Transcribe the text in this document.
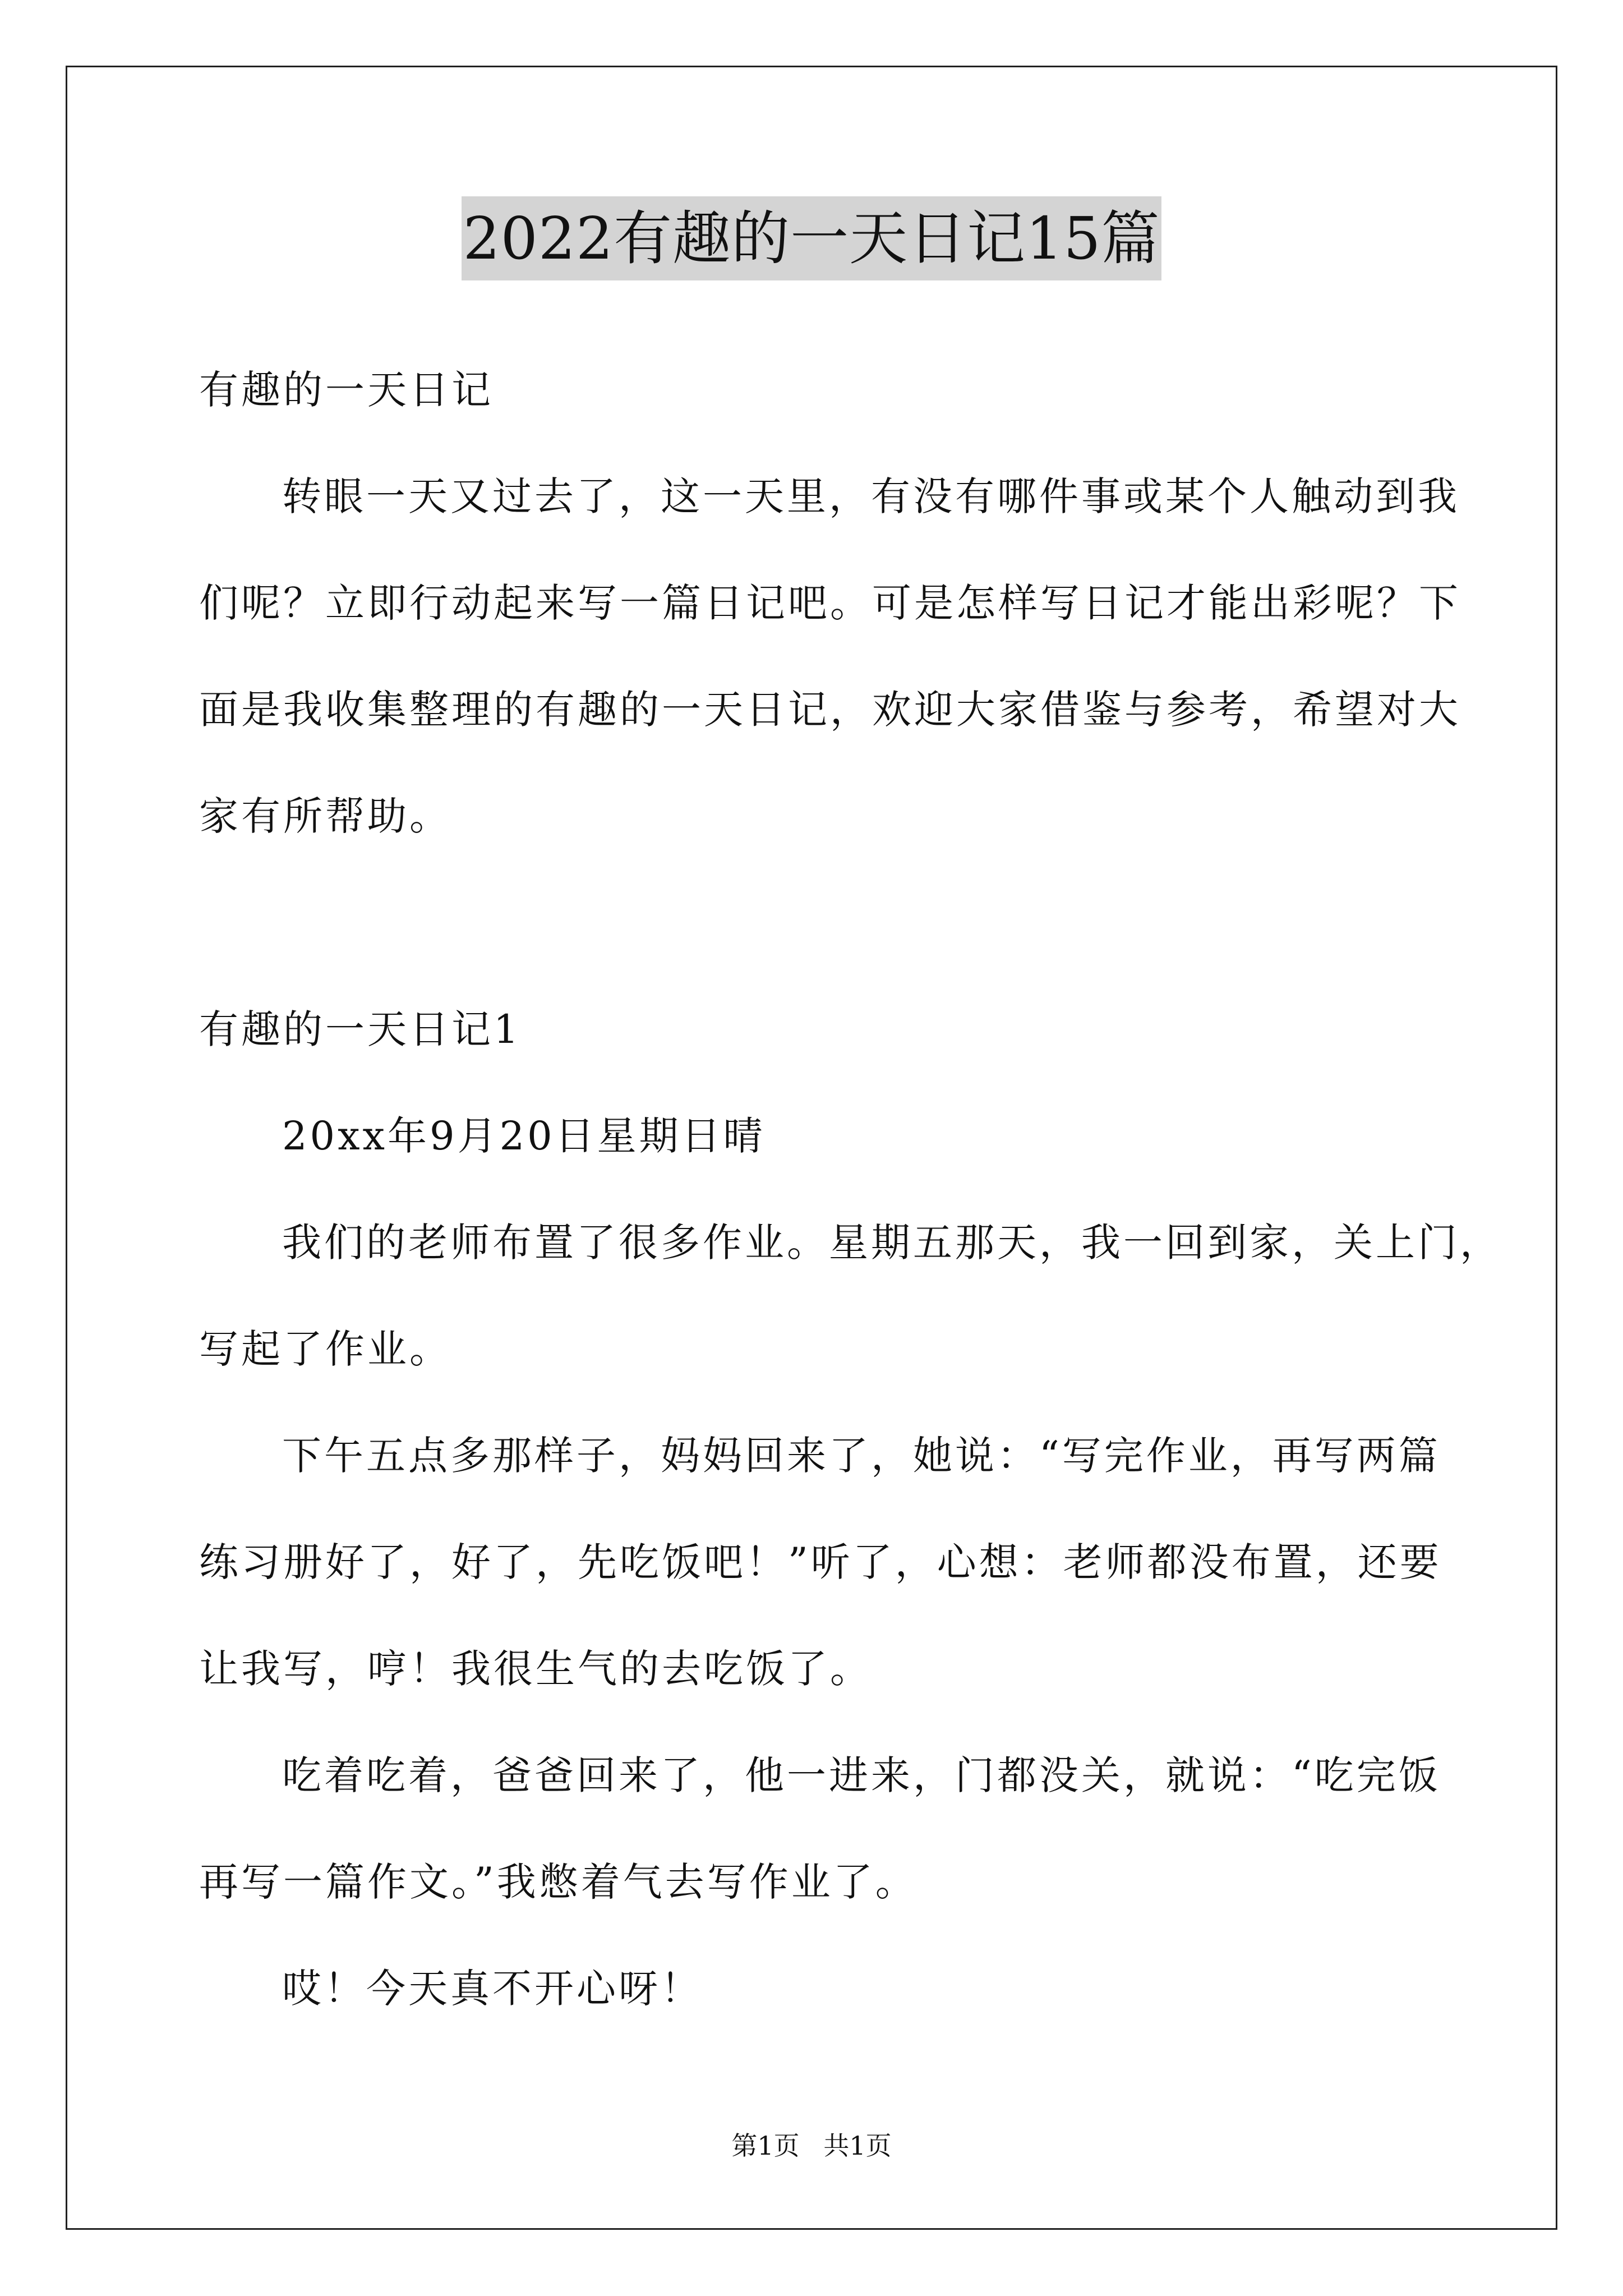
2022有趣的一天日记15篇
有趣的一天日记
转眼一天又过去了，这一天里，有没有哪件事或某个人触动到我
们呢？立即行动起来写一篇日记吧。可是怎样写日记才能出彩呢？下
面是我收集整理的有趣的一天日记，欢迎大家借鉴与参考，希望对大
家有所帮助。
有趣的一天日记1
20xx年9月20日星期日晴
我们的老师布置了很多作业。星期五那天，我一回到家，关上门，
写起了作业。
下午五点多那样子，妈妈回来了，她说：“写完作业，再写两篇
练习册好了，好了，先吃饭吧！”听了，心想：老师都没布置，还要
让我写，哼！我很生气的去吃饭了。
吃着吃着，爸爸回来了，他一进来，门都没关，就说：“吃完饭
再写一篇作文。”我憋着气去写作业了。
哎！今天真不开心呀！
第1页 共1页
